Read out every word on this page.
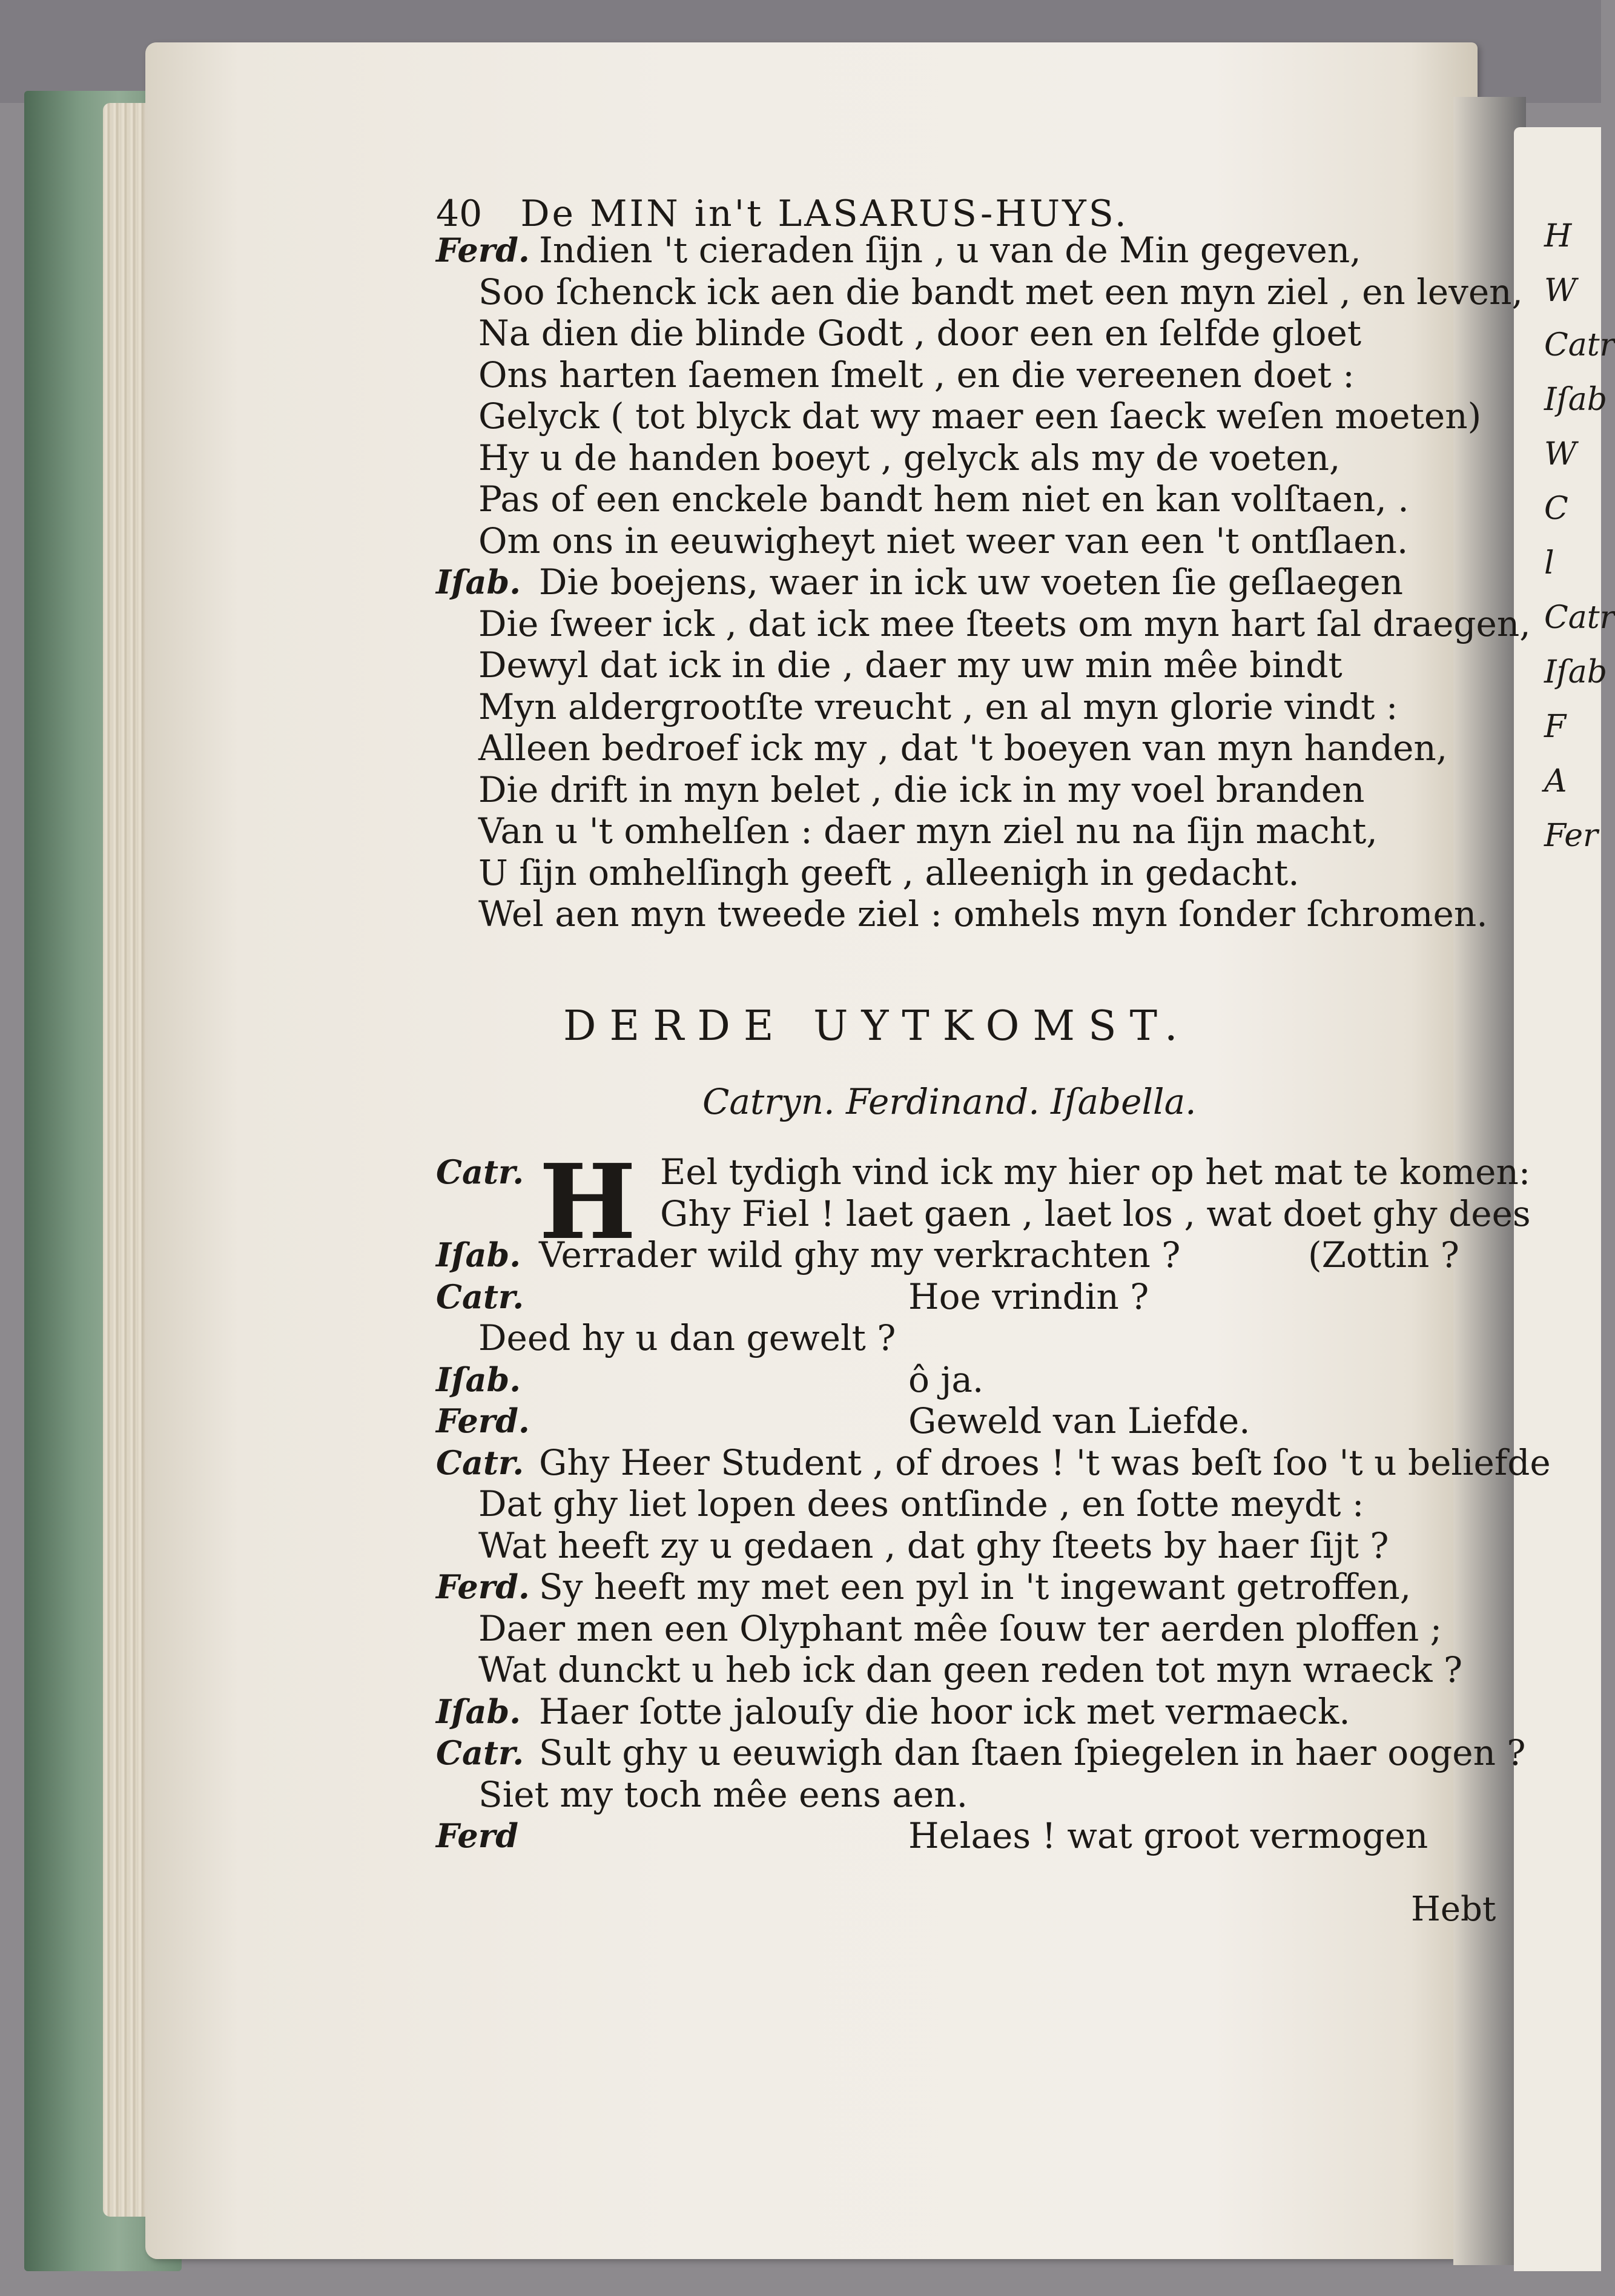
H
W
Catr
Iſab
W
C
l
Catr
Iſab
F
A
Fer
40 De MIN in't LASARUS-HUYS.
Ferd. Indien 't cieraden ſijn , u van de Min gegeven,
Soo ſchenck ick aen die bandt met een myn ziel , en leven,
Na dien die blinde Godt , door een en ſelfde gloet
Ons harten ſaemen ſmelt , en die vereenen doet :
Gelyck ( tot blyck dat wy maer een ſaeck weſen moeten)
Hy u de handen boeyt , gelyck als my de voeten,
Pas of een enckele bandt hem niet en kan volſtaen, .
Om ons in eeuwigheyt niet weer van een 't ontſlaen.
Iſab. Die boejens, waer in ick uw voeten ſie geſlaegen
Die ſweer ick , dat ick mee ſteets om myn hart ſal draegen,
Dewyl dat ick in die , daer my uw min mêe bindt
Myn aldergrootſte vreucht , en al myn glorie vindt :
Alleen bedroef ick my , dat 't boeyen van myn handen,
Die drift in myn belet , die ick in my voel branden
Van u 't omhelſen : daer myn ziel nu na ſijn macht,
U ſijn omhelſingh geeft , alleenigh in gedacht.
Wel aen myn tweede ziel : omhels myn ſonder ſchromen.
DERDE UYTKOMST.
Catryn. Ferdinand. Iſabella.
H
Catr.	Eel tydigh vind ick my hier op het mat te komen:
Ghy Fiel ! laet gaen , laet los , wat doet ghy dees
Iſab. Verrader wild ghy my verkrachten ?	(Zottin ?
Catr.	Hoe vrindin ?
Deed hy u dan gewelt ?
Iſab.	ô ja.
Ferd.	Geweld van Liefde.
Catr. Ghy Heer Student , of droes ! 't was beſt ſoo 't u beliefde
Dat ghy liet lopen dees ontſinde , en ſotte meydt :
Wat heeft zy u gedaen , dat ghy ſteets by haer ſijt ?
Ferd. Sy heeft my met een pyl in 't ingewant getroffen,
Daer men een Olyphant mêe ſouw ter aerden ploffen ;
Wat dunckt u heb ick dan geen reden tot myn wraeck ?
Iſab. Haer ſotte jalouſy die hoor ick met vermaeck.
Catr. Sult ghy u eeuwigh dan ſtaen ſpiegelen in haer oogen ?
Siet my toch mêe eens aen.
Ferd	Helaes ! wat groot vermogen
Hebt
